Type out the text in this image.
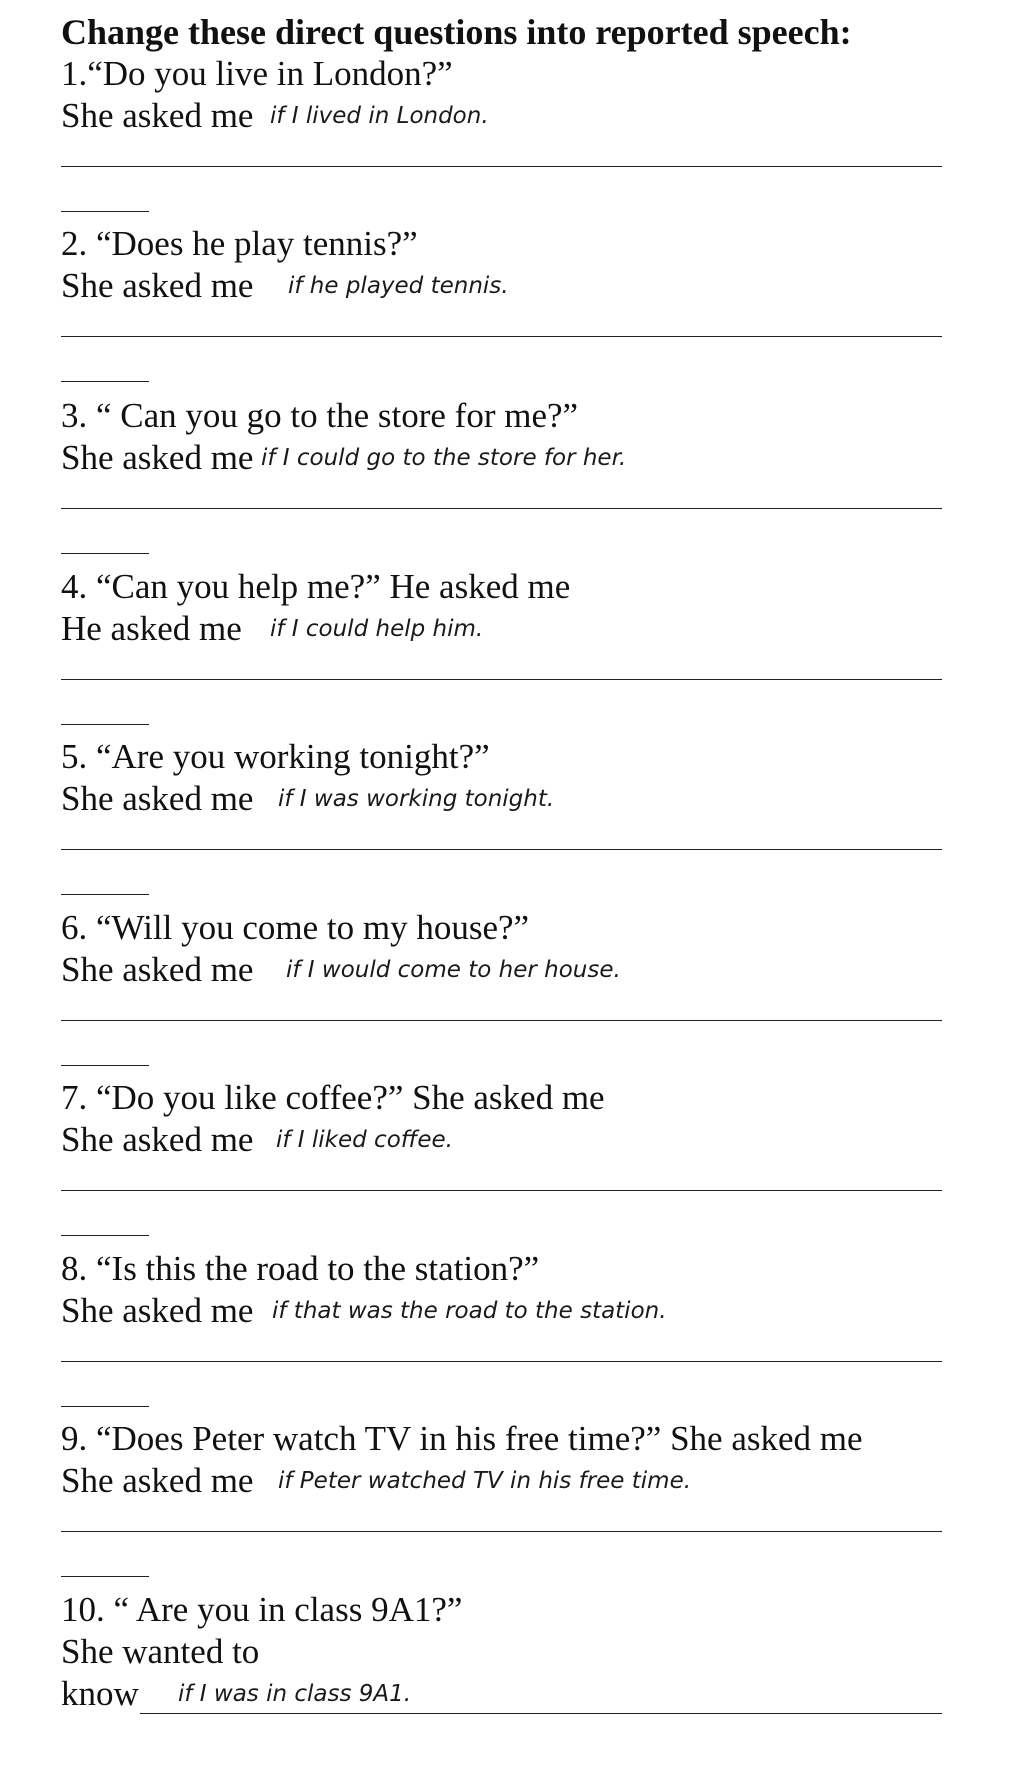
Change these direct questions into reported speech:
1.“Do you live in London?”
She asked me if I lived in London.
2. “Does he play tennis?”
She asked me if he played tennis.
3. “ Can you go to the store for me?”
She asked me if I could go to the store for her.
4. “Can you help me?” He asked me
He asked me if I could help him.
5. “Are you working tonight?”
She asked me if I was working tonight.
6. “Will you come to my house?”
She asked me if I would come to her house.
7. “Do you like coffee?” She asked me
She asked me if I liked coffee.
8. “Is this the road to the station?”
She asked me if that was the road to the station.
9. “Does Peter watch TV in his free time?” She asked me
She asked me if Peter watched TV in his free time.
10. “ Are you in class 9A1?”
She wanted to
know if I was in class 9A1.
